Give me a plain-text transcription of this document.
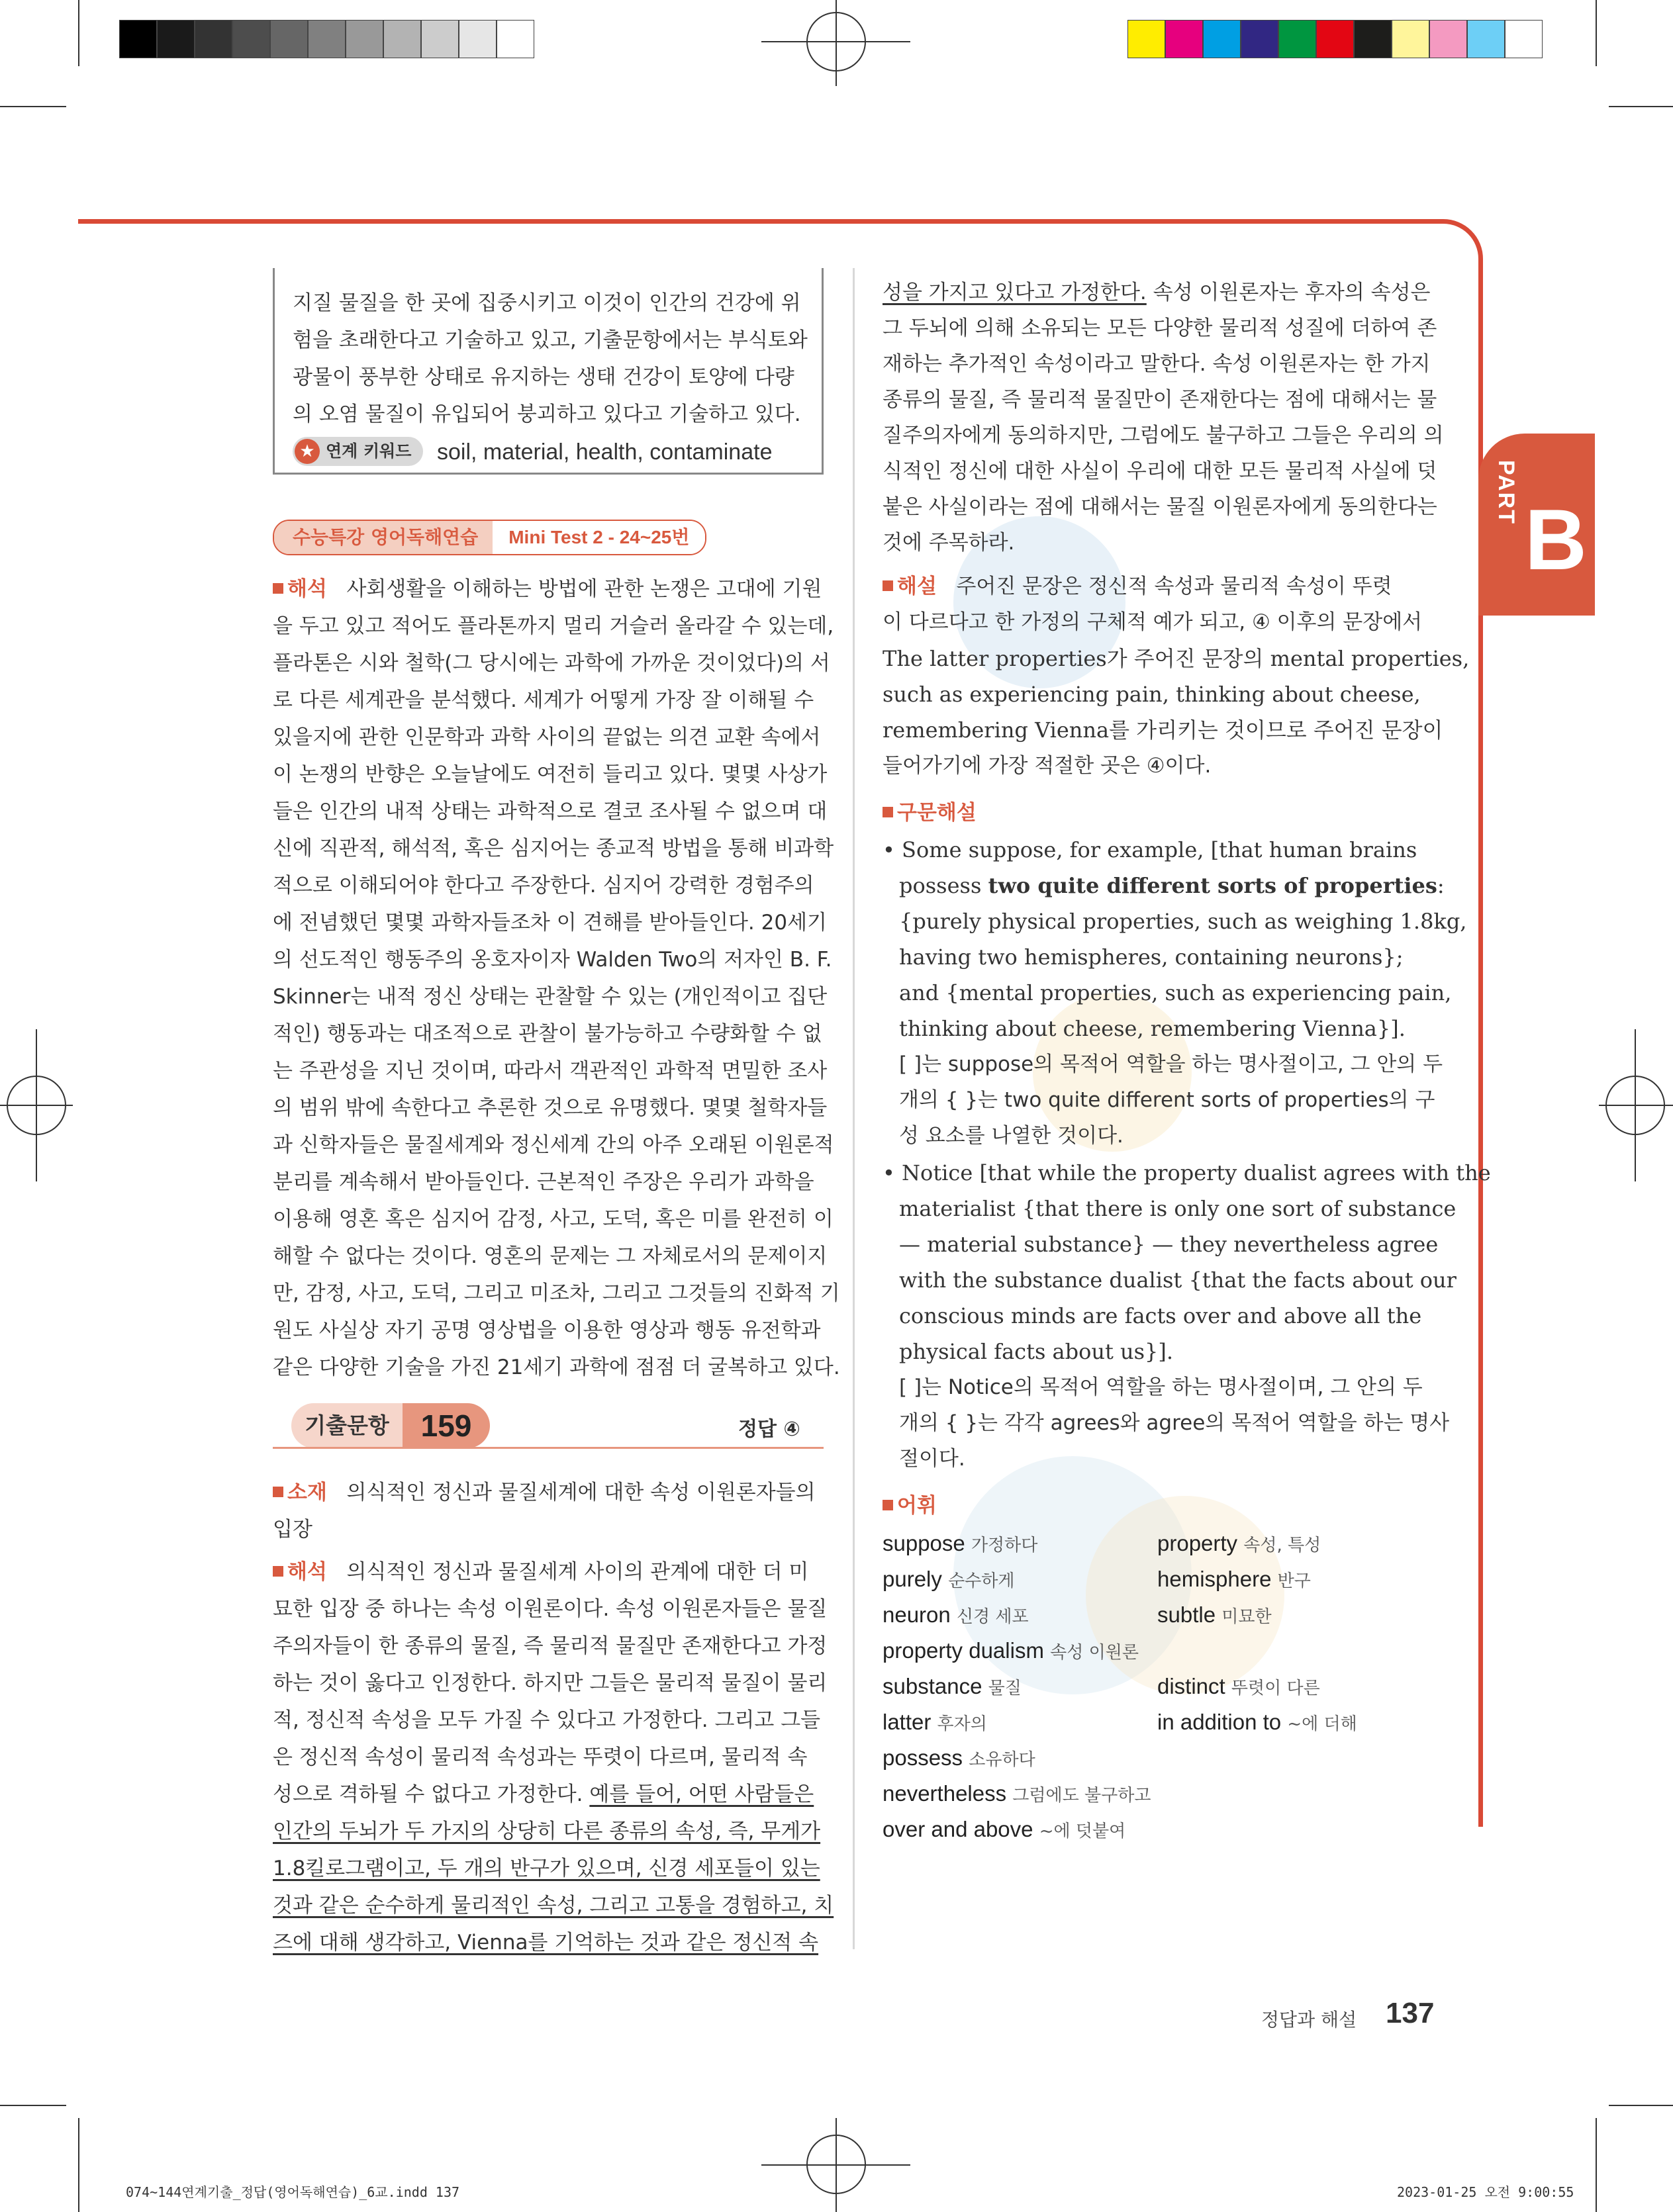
PART B
지질 물질을 한 곳에 집중시키고 이것이 인간의 건강에 위
험을 초래한다고 기술하고 있고, 기출문항에서는 부식토와
광물이 풍부한 상태로 유지하는 생태 건강이 토양에 다량
의 오염 물질이 유입되어 붕괴하고 있다고 기술하고 있다.
★ 연계 키워드	soil, material, health, contaminate
수능특강 영어독해연습	Mini Test 2 - 24~25번
해석 사회생활을 이해하는 방법에 관한 논쟁은 고대에 기원
을 두고 있고 적어도 플라톤까지 멀리 거슬러 올라갈 수 있는데,
플라톤은 시와 철학(그 당시에는 과학에 가까운 것이었다)의 서
로 다른 세계관을 분석했다. 세계가 어떻게 가장 잘 이해될 수
있을지에 관한 인문학과 과학 사이의 끝없는 의견 교환 속에서
이 논쟁의 반향은 오늘날에도 여전히 들리고 있다. 몇몇 사상가
들은 인간의 내적 상태는 과학적으로 결코 조사될 수 없으며 대
신에 직관적, 해석적, 혹은 심지어는 종교적 방법을 통해 비과학
적으로 이해되어야 한다고 주장한다. 심지어 강력한 경험주의
에 전념했던 몇몇 과학자들조차 이 견해를 받아들인다. 20세기
의 선도적인 행동주의 옹호자이자 Walden Two의 저자인 B. F.
Skinner는 내적 정신 상태는 관찰할 수 있는 (개인적이고 집단
적인) 행동과는 대조적으로 관찰이 불가능하고 수량화할 수 없
는 주관성을 지닌 것이며, 따라서 객관적인 과학적 면밀한 조사
의 범위 밖에 속한다고 추론한 것으로 유명했다. 몇몇 철학자들
과 신학자들은 물질세계와 정신세계 간의 아주 오래된 이원론적
분리를 계속해서 받아들인다. 근본적인 주장은 우리가 과학을
이용해 영혼 혹은 심지어 감정, 사고, 도덕, 혹은 미를 완전히 이
해할 수 없다는 것이다. 영혼의 문제는 그 자체로서의 문제이지
만, 감정, 사고, 도덕, 그리고 미조차, 그리고 그것들의 진화적 기
원도 사실상 자기 공명 영상법을 이용한 영상과 행동 유전학과
같은 다양한 기술을 가진 21세기 과학에 점점 더 굴복하고 있다.
기출문항	159	정답 ④
소재 의식적인 정신과 물질세계에 대한 속성 이원론자들의
입장
해석 의식적인 정신과 물질세계 사이의 관계에 대한 더 미
묘한 입장 중 하나는 속성 이원론이다. 속성 이원론자들은 물질
주의자들이 한 종류의 물질, 즉 물리적 물질만 존재한다고 가정
하는 것이 옳다고 인정한다. 하지만 그들은 물리적 물질이 물리
적, 정신적 속성을 모두 가질 수 있다고 가정한다. 그리고 그들
은 정신적 속성이 물리적 속성과는 뚜렷이 다르며, 물리적 속
성으로 격하될 수 없다고 가정한다. 예를 들어, 어떤 사람들은
인간의 두뇌가 두 가지의 상당히 다른 종류의 속성, 즉, 무게가
1.8킬로그램이고, 두 개의 반구가 있으며, 신경 세포들이 있는
것과 같은 순수하게 물리적인 속성, 그리고 고통을 경험하고, 치
즈에 대해 생각하고, Vienna를 기억하는 것과 같은 정신적 속
성을 가지고 있다고 가정한다. 속성 이원론자는 후자의 속성은
그 두뇌에 의해 소유되는 모든 다양한 물리적 성질에 더하여 존
재하는 추가적인 속성이라고 말한다. 속성 이원론자는 한 가지
종류의 물질, 즉 물리적 물질만이 존재한다는 점에 대해서는 물
질주의자에게 동의하지만, 그럼에도 불구하고 그들은 우리의 의
식적인 정신에 대한 사실이 우리에 대한 모든 물리적 사실에 덧
붙은 사실이라는 점에 대해서는 물질 이원론자에게 동의한다는
것에 주목하라.
해설 주어진 문장은 정신적 속성과 물리적 속성이 뚜렷
이 다르다고 한 가정의 구체적 예가 되고, ④ 이후의 문장에서
The latter properties가 주어진 문장의 mental properties,
such as experiencing pain, thinking about cheese,
remembering Vienna를 가리키는 것이므로 주어진 문장이
들어가기에 가장 적절한 곳은 ④이다.
구문해설
• Some suppose, for example, [that human brains
possess two quite different sorts of properties:
{purely physical properties, such as weighing 1.8kg,
having two hemispheres, containing neurons};
and {mental properties, such as experiencing pain,
thinking about cheese, remembering Vienna}].
[ ]는 suppose의 목적어 역할을 하는 명사절이고, 그 안의 두
개의 { }는 two quite different sorts of properties의 구
성 요소를 나열한 것이다.
• Notice [that while the property dualist agrees with the
materialist {that there is only one sort of substance
— material substance} — they nevertheless agree
with the substance dualist {that the facts about our
conscious minds are facts over and above all the
physical facts about us}].
[ ]는 Notice의 목적어 역할을 하는 명사절이며, 그 안의 두
개의 { }는 각각 agrees와 agree의 목적어 역할을 하는 명사
절이다.
어휘
suppose 가정하다	property 속성, 특성
purely 순수하게	hemisphere 반구
neuron 신경 세포	subtle 미묘한
property dualism 속성 이원론
substance 물질	distinct 뚜렷이 다른
latter 후자의	in addition to ~에 더해
possess 소유하다
nevertheless 그럼에도 불구하고
over and above ~에 덧붙여
정답과 해설 137
074~144연계기출_정답(영어독해연습)_6교.indd 137	2023-01-25 오전 9:00:55
